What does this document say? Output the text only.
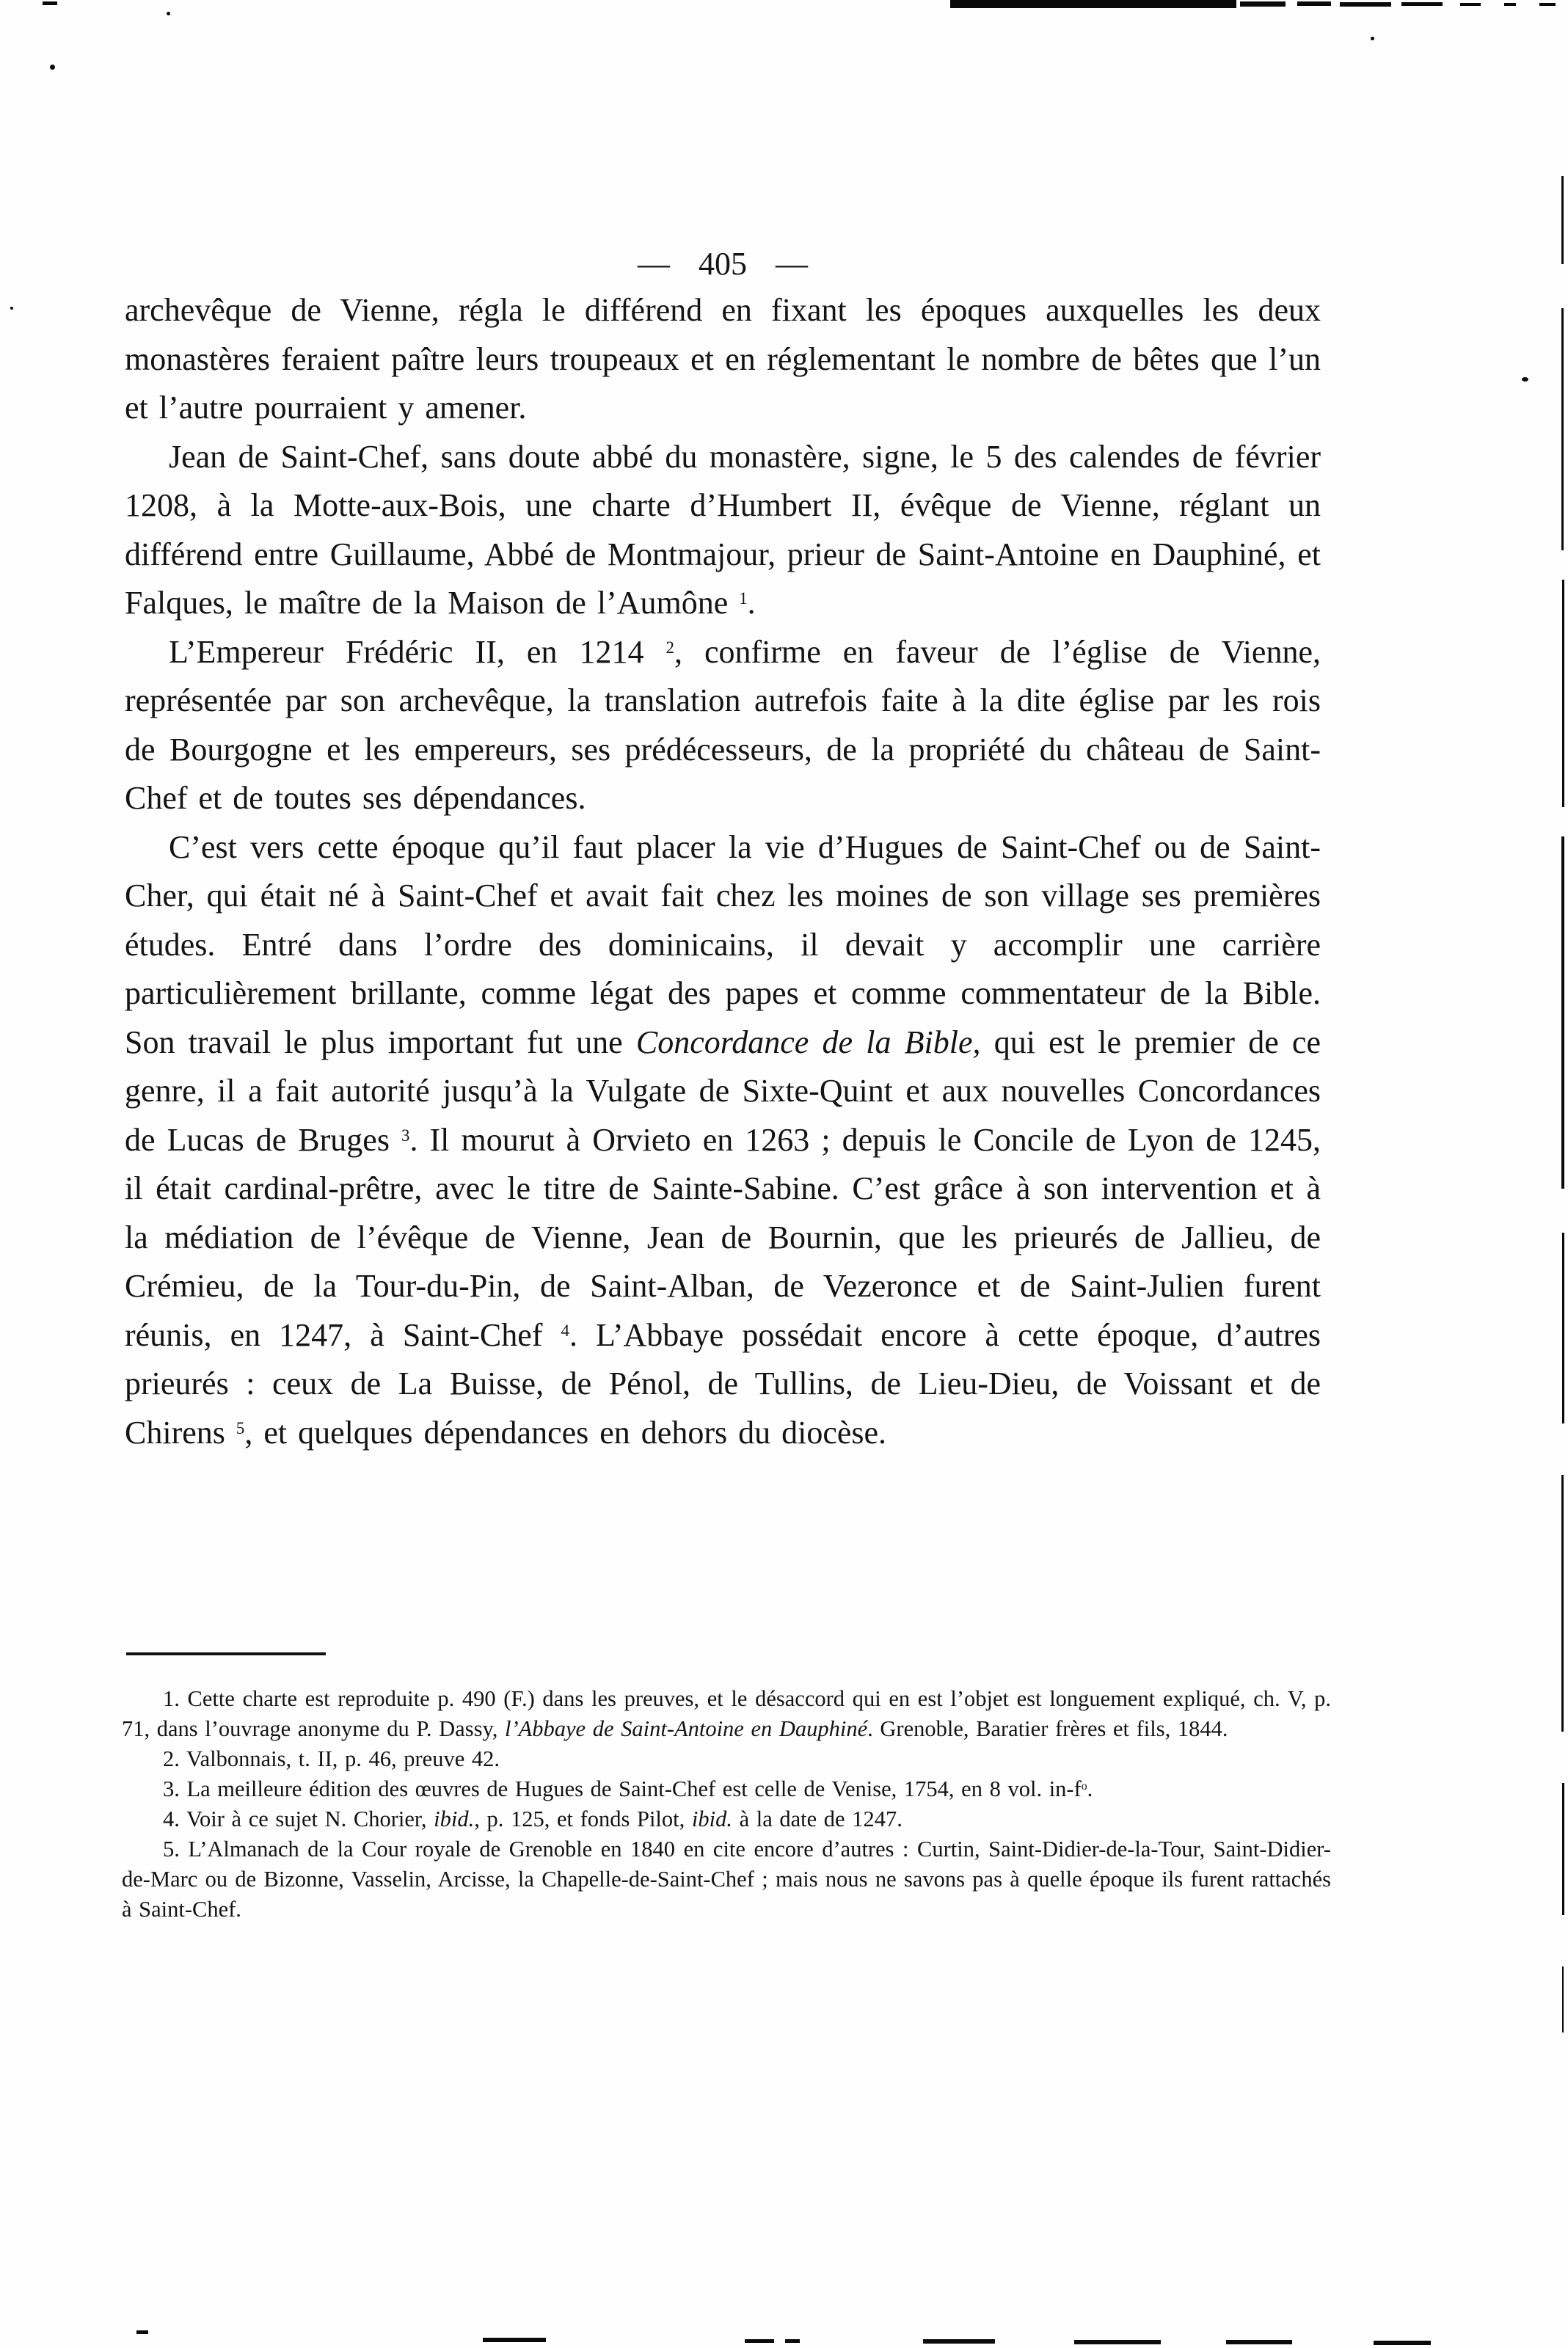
— 405 —

archevêque de Vienne, régla le différend en fixant les époques auxquelles les deux monastères feraient paître leurs troupeaux et en réglementant le nombre de bêtes que l’un et l’autre pourraient y amener.

Jean de Saint-Chef, sans doute abbé du monastère, signe, le 5 des calendes de février 1208, à la Motte-aux-Bois, une charte d’Humbert II, évêque de Vienne, réglant un différend entre Guillaume, Abbé de Montmajour, prieur de Saint-Antoine en Dauphiné, et Falques, le maître de la Maison de l’Aumône $^1$.

L’Empereur Frédéric II, en 1214 $^2$, confirme en faveur de l’église de Vienne, représentée par son archevêque, la translation autrefois faite à la dite église par les rois de Bourgogne et les empereurs, ses prédécesseurs, de la propriété du château de Saint-Chef et de toutes ses dépendances.

C’est vers cette époque qu’il faut placer la vie d’Hugues de Saint-Chef ou de Saint-Cher, qui était né à Saint-Chef et avait fait chez les moines de son village ses premières études. Entré dans l’ordre des dominicains, il devait y accomplir une carrière particulièrement brillante, comme légat des papes et comme commentateur de la Bible. Son travail le plus important fut une Concordance de la Bible, qui est le premier de ce genre, il a fait autorité jusqu’à la Vulgate de Sixte-Quint et aux nouvelles Concordances de Lucas de Bruges $^3$. Il mourut à Orvieto en 1263 ; depuis le Concile de Lyon de 1245, il était cardinal-prêtre, avec le titre de Sainte-Sabine. C’est grâce à son intervention et à la médiation de l’évêque de Vienne, Jean de Bournin, que les prieurés de Jallieu, de Crémieu, de la Tour-du-Pin, de Saint-Alban, de Vezeronce et de Saint-Julien furent réunis, en 1247, à Saint-Chef $^4$. L’Abbaye possédait encore à cette époque, d’autres prieurés : ceux de La Buisse, de Pénol, de Tullins, de Lieu-Dieu, de Voissant et de Chirens $^5$, et quelques dépendances en dehors du diocèse.

1. Cette charte est reproduite p. 490 (F.) dans les preuves, et le désaccord qui en est l’objet est longuement expliqué, ch. V, p. 71, dans l’ouvrage anonyme du P. Dassy, l’Abbaye de Saint-Antoine en Dauphiné. Grenoble, Baratier frères et fils, 1844.

2. Valbonnais, t. II, p. 46, preuve 42.

3. La meilleure édition des œuvres de Hugues de Saint-Chef est celle de Venise, 1754, en 8 vol. $in-f^o$.

4. Voir à ce sujet N. Chorier, ibid., p. 125, et fonds Pilot, ibid. à la date de 1247.

5. L’Almanach de la Cour royale de Grenoble en 1840 en cite encore d’autres : Curtin, Saint-Didier-de-la-Tour, Saint-Didier-de-Marc ou de Bizonne, Vasselin, Arcisse, la Chapelle-de-Saint-Chef ; mais nous ne savons pas à quelle époque ils furent rattachés à Saint-Chef.
